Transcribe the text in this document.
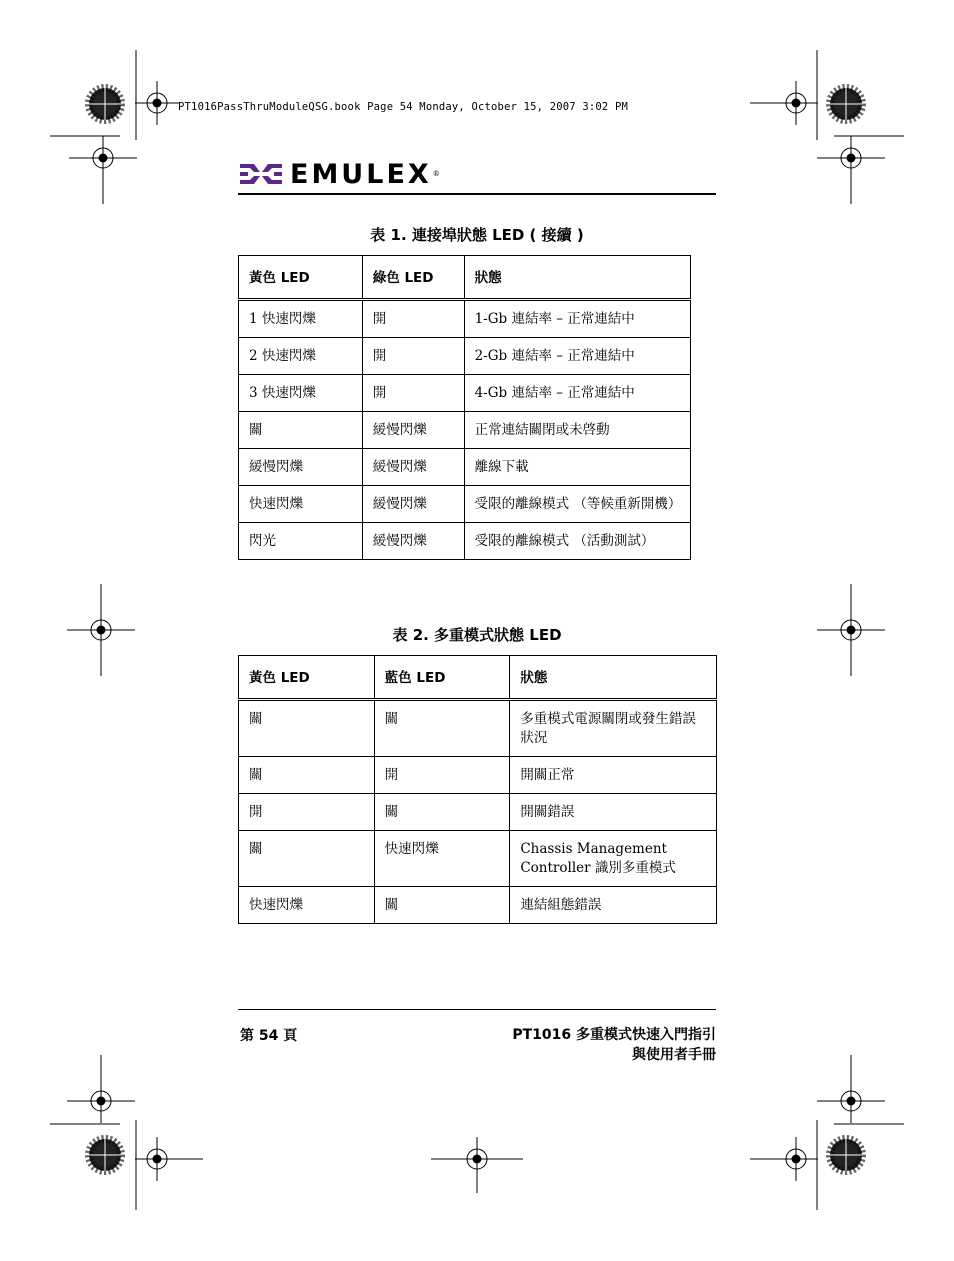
PT1016PassThruModuleQSG.book Page 54 Monday, October 15, 2007 3:02 PM
EMULEX ®
表 1. 連接埠狀態 LED ( 接續 )
黃色 LED	綠色 LED	狀態
1 快速閃爍	開	1-Gb 連結率 – 正常連結中
2 快速閃爍	開	2-Gb 連結率 – 正常連結中
3 快速閃爍	開	4-Gb 連結率 – 正常連結中
關	緩慢閃爍	正常連結關閉或未啓動
緩慢閃爍	緩慢閃爍	離線下載
快速閃爍	緩慢閃爍	受限的離線模式 （等候重新開機）
閃光	緩慢閃爍	受限的離線模式 （活動測試）
表 2. 多重模式狀態 LED
黃色 LED	藍色 LED	狀態
關	關	多重模式電源關閉或發生錯誤狀況
關	開	開關正常
開	關	開關錯誤
關	快速閃爍	Chassis Management Controller 識別多重模式
快速閃爍	關	連結組態錯誤
第 54 頁	PT1016 多重模式快速入門指引
與使用者手冊
